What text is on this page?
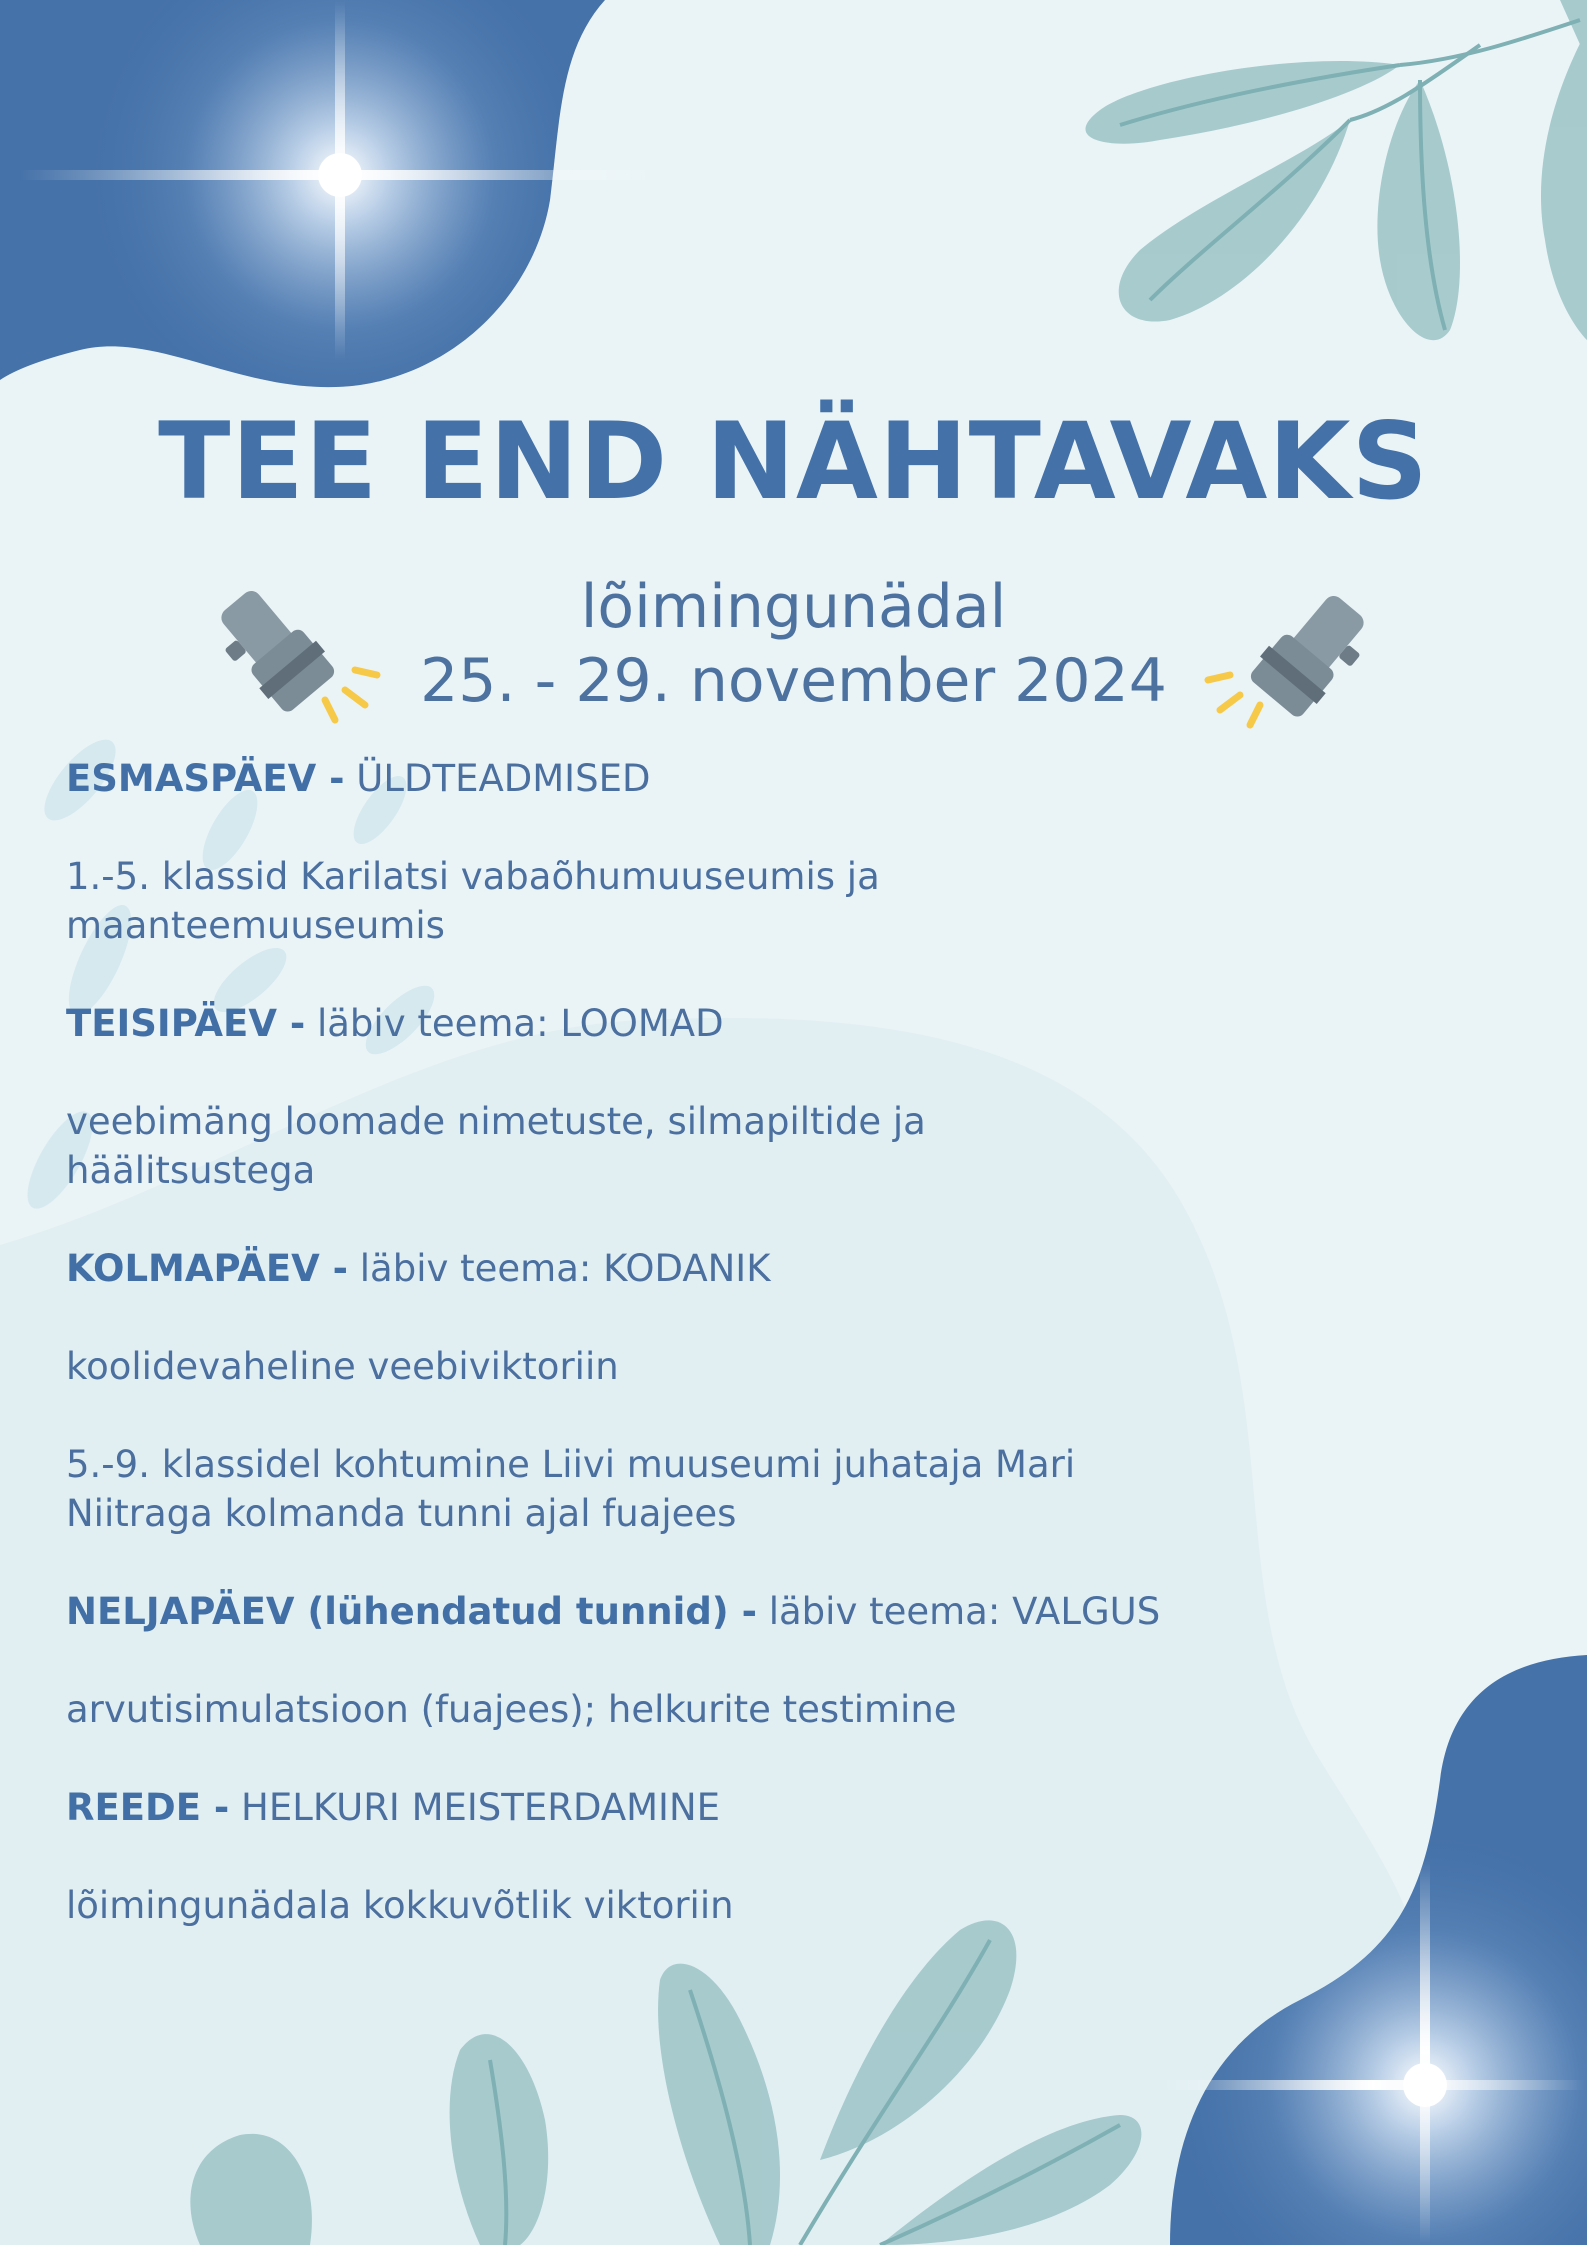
TEE END NÄHTAVAKS
lõimingunädal
25. - 29. november 2024
ESMASPÄEV - ÜLDTEADMISED
1.-5. klassid Karilatsi vabaõhumuuseumis ja
maanteemuuseumis
TEISIPÄEV - läbiv teema: LOOMAD
veebimäng loomade nimetuste, silmapiltide ja
häälitsustega
KOLMAPÄEV - läbiv teema: KODANIK
koolidevaheline veebiviktoriin
5.-9. klassidel kohtumine Liivi muuseumi juhataja Mari
Niitraga kolmanda tunni ajal fuajees
NELJAPÄEV (lühendatud tunnid) - läbiv teema: VALGUS
arvutisimulatsioon (fuajees); helkurite testimine
REEDE - HELKURI MEISTERDAMINE
lõimingunädala kokkuvõtlik viktoriin
